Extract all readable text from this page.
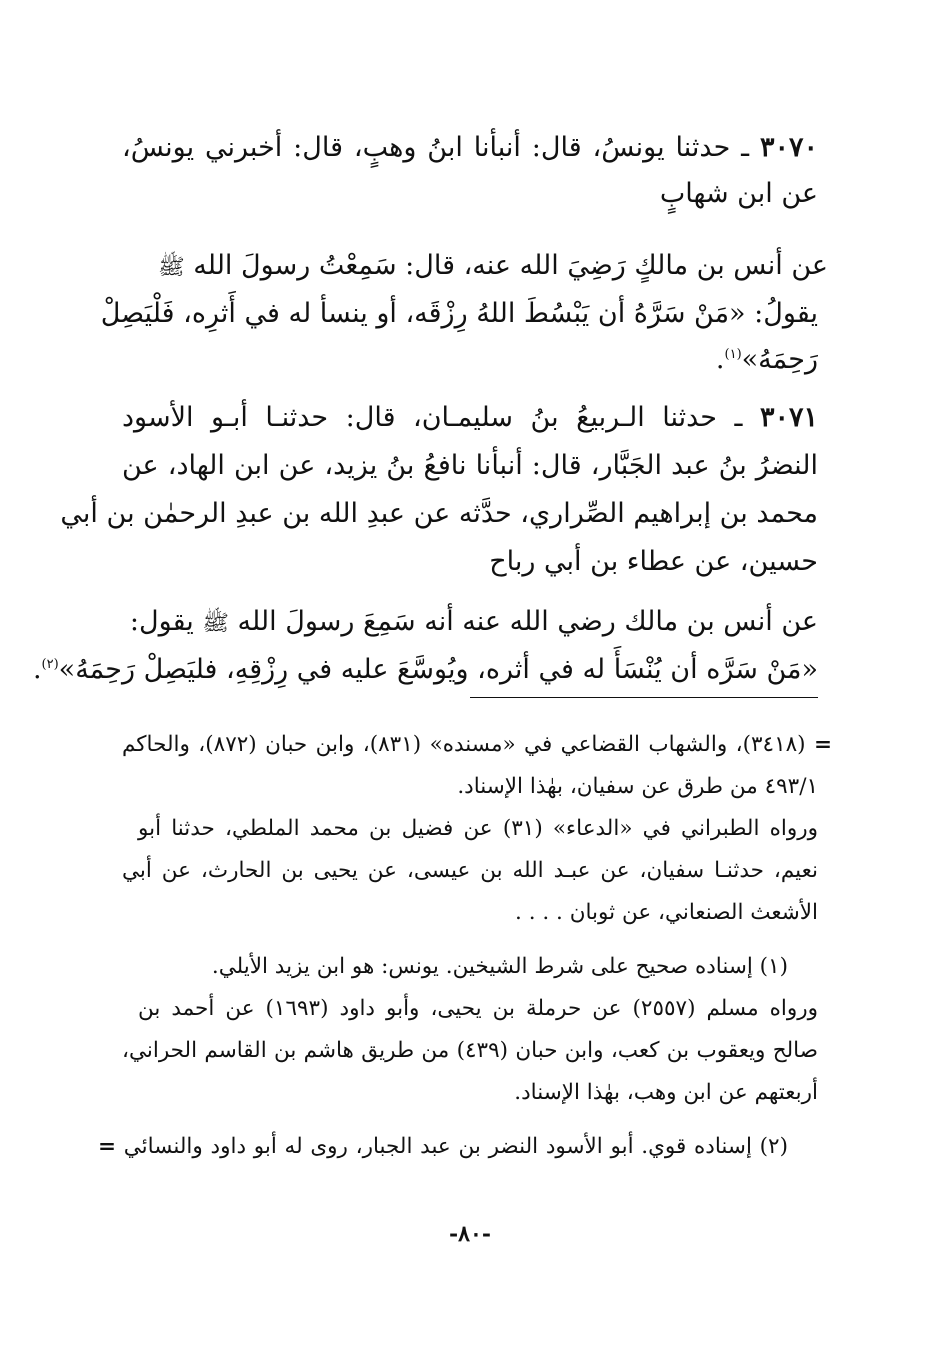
٣٠٧٠ ـ حدثنا يونسُ، قال: أنبأنا ابنُ وهبٍ، قال: أخبرني يونسُ،
عن ابن شهابٍ
عن أنس بن مالكٍ رَضِيَ الله عنه، قال: سَمِعْتُ رسولَ الله ﷺ
يقولُ: «مَنْ سَرَّهُ أن يَبْسُطَ اللهُ رِزْقَه، أو ينسأ له في أَثرِه، فَلْيَصِلْ
رَحِمَهُ»$^{(١)}$.
٣٠٧١ ـ حدثنا الـربيعُ بنُ سليمـان، قال: حدثنـا أبـو الأسود
النضرُ بنُ عبد الجَبَّار، قال: أنبأنا نافعُ بنُ يزيد، عن ابن الهاد، عن
محمد بن إبراهيم الصِّراري، حدَّثه عن عبدِ الله بن عبدِ الرحمٰن بن أبي
حسين، عن عطاء بن أبي رباح
عن أنس بن مالك رضي الله عنه أنه سَمِعَ رسولَ الله ﷺ يقول:
«مَنْ سَرَّه أن يُنْسَأَ له في أثره، ويُوسَّعَ عليه في رِزْقِهِ، فليَصِلْ رَحِمَهُ»$^{(٢)}$.
= (٣٤١٨)، والشهاب القضاعي في «مسنده» (٨٣١)، وابن حبان (٨٧٢)، والحاكم
٤٩٣/١ من طرق عن سفيان، بهٰذا الإسناد.
ورواه الطبراني في «الدعاء» (٣١) عن فضيل بن محمد الملطي، حدثنا أبو
نعيم، حدثنـا سفيان، عن عبـد الله بن عيسى، عن يحيى بن الحارث، عن أبي
الأشعث الصنعاني، عن ثوبان . . . .
(١) إسناده صحيح على شرط الشيخين. يونس: هو ابن يزيد الأيلي.
ورواه مسلم (٢٥٥٧) عن حرملة بن يحيى، وأبو داود (١٦٩٣) عن أحمد بن
صالح ويعقوب بن كعب، وابن حبان (٤٣٩) من طريق هاشم بن القاسم الحراني،
أربعتهم عن ابن وهب، بهٰذا الإسناد.
(٢) إسناده قوي. أبو الأسود النضر بن عبد الجبار، روى له أبو داود والنسائي =
-٨٠-
